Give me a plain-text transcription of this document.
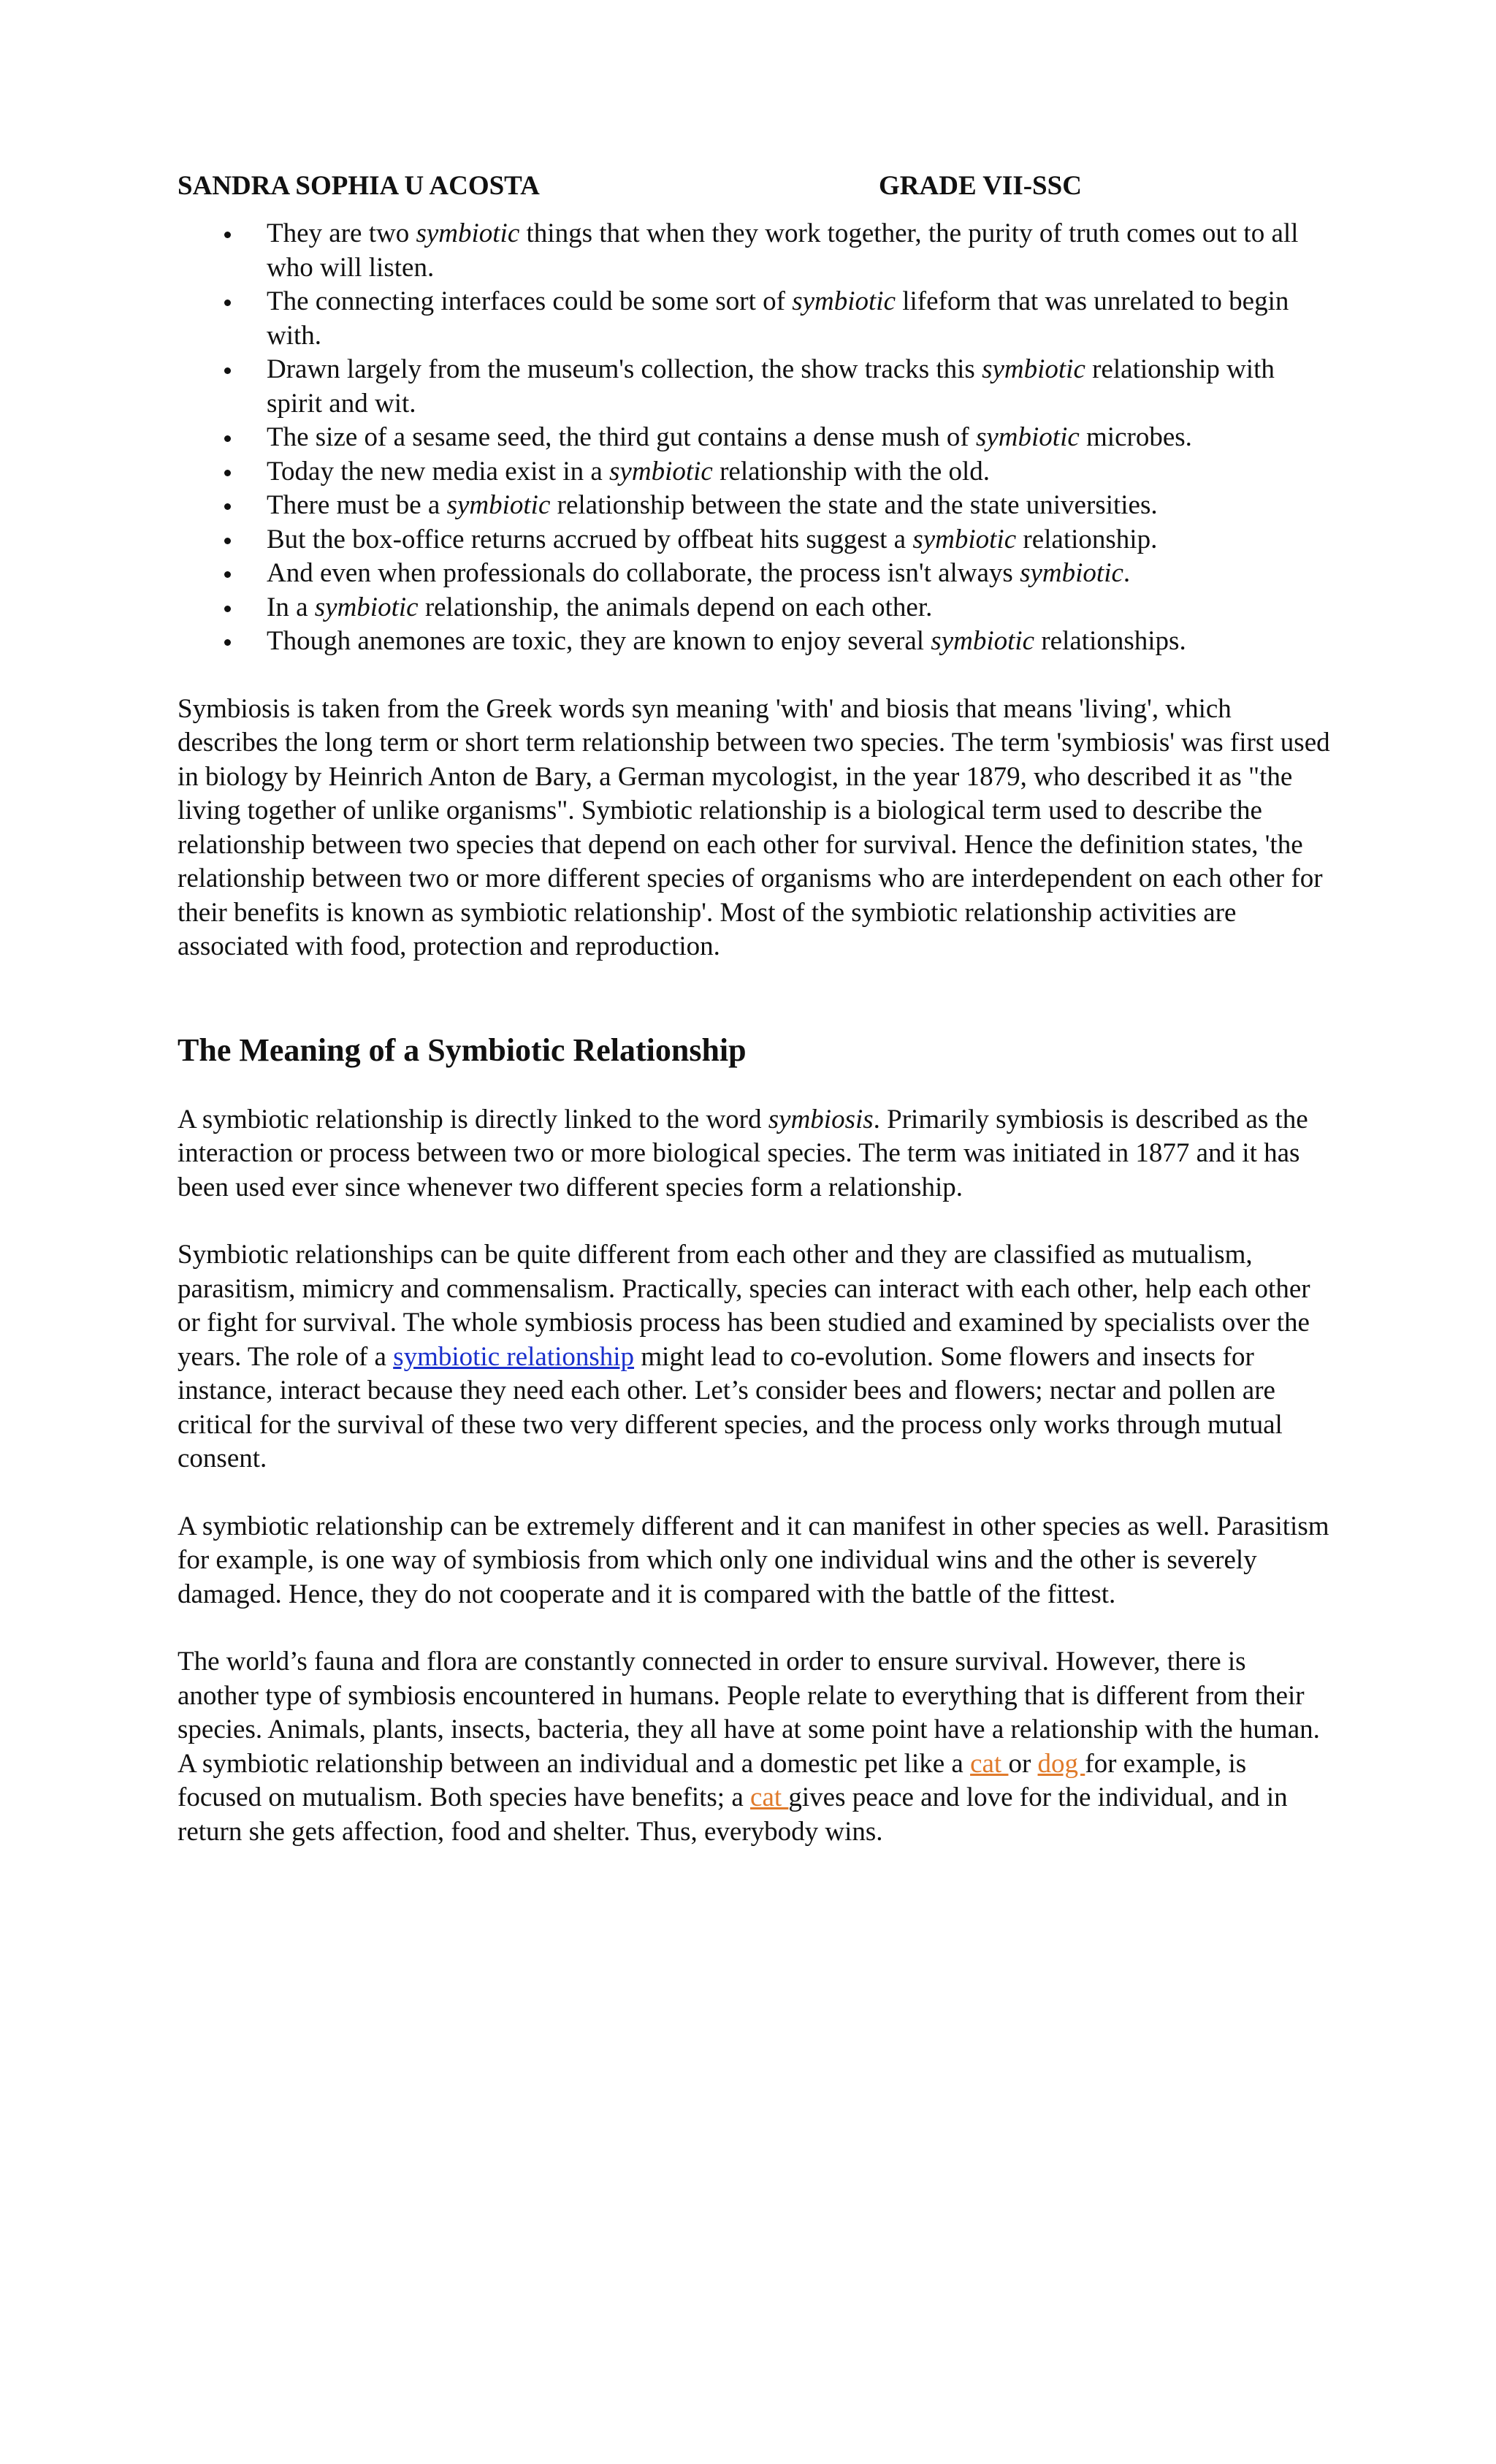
SANDRA SOPHIA U ACOSTA	GRADE VII-SSC
They are two symbiotic things that when they work together, the purity of truth comes out to all who will listen.
The connecting interfaces could be some sort of symbiotic lifeform that was unrelated to begin with.
Drawn largely from the museum's collection, the show tracks this symbiotic relationship with spirit and wit.
The size of a sesame seed, the third gut contains a dense mush of symbiotic microbes.
Today the new media exist in a symbiotic relationship with the old.
There must be a symbiotic relationship between the state and the state universities.
But the box-office returns accrued by offbeat hits suggest a symbiotic relationship.
And even when professionals do collaborate, the process isn't always symbiotic.
In a symbiotic relationship, the animals depend on each other.
Though anemones are toxic, they are known to enjoy several symbiotic relationships.

Symbiosis is taken from the Greek words syn meaning 'with' and biosis that means 'living', which describes the long term or short term relationship between two species. The term 'symbiosis' was first used in biology by Heinrich Anton de Bary, a German mycologist, in the year 1879, who described it as "the living together of unlike organisms". Symbiotic relationship is a biological term used to describe the relationship between two species that depend on each other for survival. Hence the definition states, 'the relationship between two or more different species of organisms who are interdependent on each other for their benefits is known as symbiotic relationship'. Most of the symbiotic relationship activities are associated with food, protection and reproduction.

The Meaning of a Symbiotic Relationship

A symbiotic relationship is directly linked to the word symbiosis. Primarily symbiosis is described as the interaction or process between two or more biological species. The term was initiated in 1877 and it has been used ever since whenever two different species form a relationship.

Symbiotic relationships can be quite different from each other and they are classified as mutualism, parasitism, mimicry and commensalism. Practically, species can interact with each other, help each other or fight for survival. The whole symbiosis process has been studied and examined by specialists over the years. The role of a symbiotic relationship might lead to co-evolution. Some flowers and insects for instance, interact because they need each other. Let’s consider bees and flowers; nectar and pollen are critical for the survival of these two very different species, and the process only works through mutual consent.

A symbiotic relationship can be extremely different and it can manifest in other species as well. Parasitism for example, is one way of symbiosis from which only one individual wins and the other is severely damaged. Hence, they do not cooperate and it is compared with the battle of the fittest.

The world’s fauna and flora are constantly connected in order to ensure survival. However, there is another type of symbiosis encountered in humans. People relate to everything that is different from their species. Animals, plants, insects, bacteria, they all have at some point have a relationship with the human. A symbiotic relationship between an individual and a domestic pet like a cat or dog for example, is focused on mutualism. Both species have benefits; a cat gives peace and love for the individual, and in return she gets affection, food and shelter. Thus, everybody wins.
